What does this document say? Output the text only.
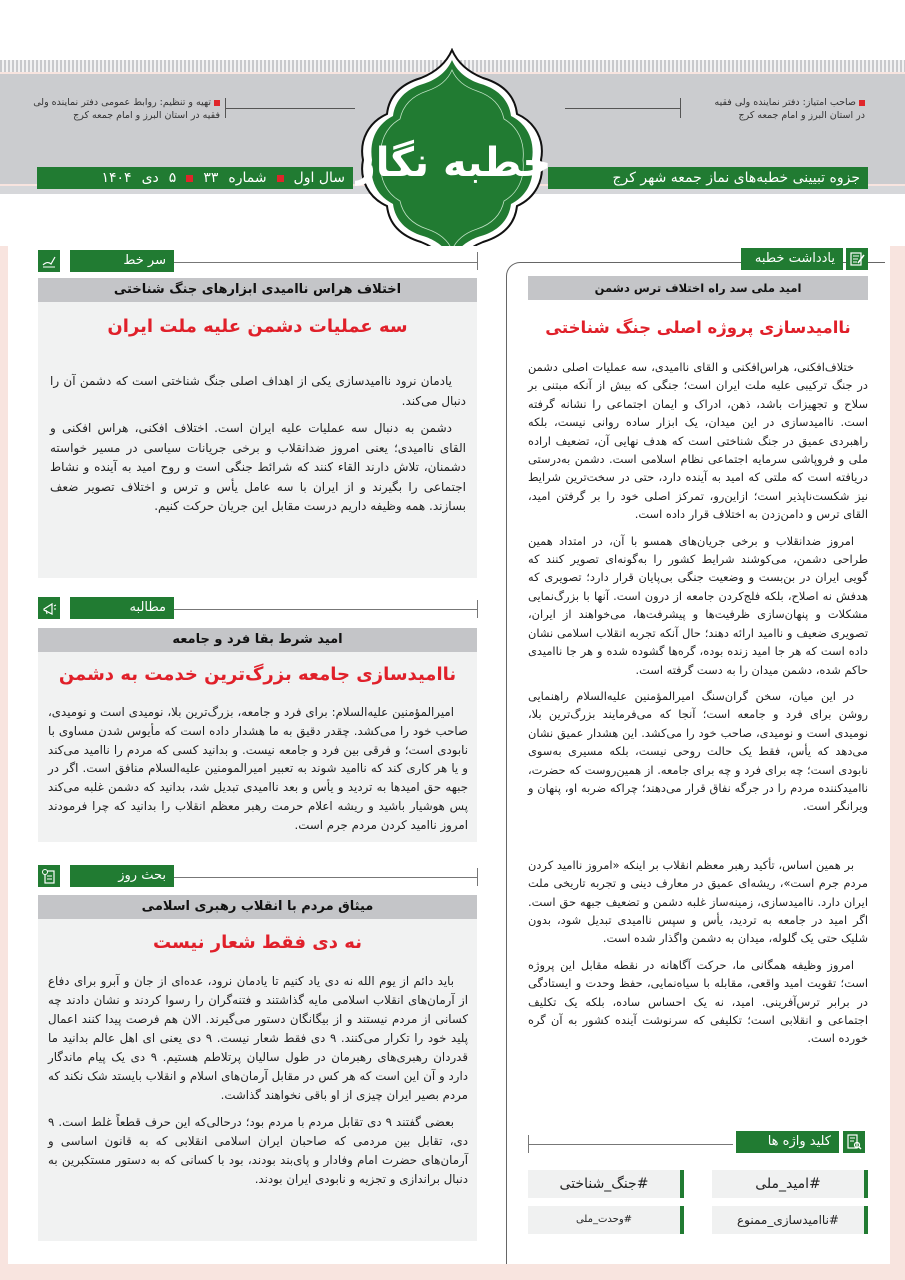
صاحب امتیاز: دفتر نماینده ولی فقیه در استان البرز و امام جمعه کرج
تهیه و تنظیم: روابط عمومی دفتر نماینده ولی فقیه در استان البرز و امام جمعه کرج
جزوه تبیینی خطبه‌های نماز جمعه شهر کرج
سال اول
شماره
۳۳
۵
دی
۱۴۰۴	خطبه نگار
یادداشت خطبه
امید ملی سد راه اختلاف ترس دشمن
ناامیدسازی پروژه اصلی جنگ شناختی

ختلاف‌افکنی، هراس‌افکنی و القای ناامیدی، سه عملیات اصلی دشمن در جنگ ترکیبی علیه ملت ایران است؛ جنگی که بیش از آنکه مبتنی بر سلاح و تجهیزات باشد، ذهن، ادراک و ایمان اجتماعی را نشانه گرفته است. ناامیدسازی در این میدان، یک ابزار ساده روانی نیست، بلکه راهبردی عمیق در جنگ شناختی است که هدف نهایی آن، تضعیف اراده ملی و فروپاشی سرمایه اجتماعی نظام اسلامی است. دشمن به‌درستی دریافته است که ملتی که امید به آینده دارد، حتی در سخت‌ترین شرایط نیز شکست‌ناپذیر است؛ ازاین‌رو، تمرکز اصلی خود را بر گرفتن امید، القای ترس و دامن‌زدن به اختلاف قرار داده است.

امروز ضدانقلاب و برخی جریان‌های همسو با آن، در امتداد همین طراحی دشمن، می‌کوشند شرایط کشور را به‌گونه‌ای تصویر کنند که گویی ایران در بن‌بست و وضعیت جنگی بی‌پایان قرار دارد؛ تصویری که هدفش نه اصلاح، بلکه فلج‌کردن جامعه از درون است. آنها با بزرگ‌نمایی مشکلات و پنهان‌سازی ظرفیت‌ها و پیشرفت‌ها، می‌خواهند از ایران، تصویری ضعیف و ناامید ارائه دهند؛ حال آنکه تجربه انقلاب اسلامی نشان داده است که هر جا امید زنده بوده، گره‌ها گشوده شده و هر جا ناامیدی حاکم شده، دشمن میدان را به دست گرفته است.

در این میان، سخن گران‌سنگ امیرالمؤمنین علیه‌السلام راهنمایی روشن برای فرد و جامعه است؛ آنجا که می‌فرمایند بزرگ‌ترین بلا، نومیدی است و نومیدی، صاحب خود را می‌کشد. این هشدار عمیق نشان می‌دهد که یأس، فقط یک حالت روحی نیست، بلکه مسیری به‌سوی نابودی است؛ چه برای فرد و چه برای جامعه. از همین‌روست که حضرت، ناامیدکننده مردم را در جرگه نفاق قرار می‌دهند؛ چراکه ضربه او، پنهان و ویرانگر است.

بر همین اساس، تأکید رهبر معظم انقلاب بر اینکه «امروز ناامید کردن مردم جرم است»، ریشه‌ای عمیق در معارف دینی و تجربه تاریخی ملت ایران دارد. ناامیدسازی، زمینه‌ساز غلبه دشمن و تضعیف جبهه حق است. اگر امید در جامعه به تردید، یأس و سپس ناامیدی تبدیل شود، بدون شلیک حتی یک گلوله، میدان به دشمن واگذار شده است.

امروز وظیفه همگانی ما، حرکت آگاهانه در نقطه مقابل این پروژه است؛ تقویت امید واقعی، مقابله با سیاه‌نمایی، حفظ وحدت و ایستادگی در برابر ترس‌آفرینی. امید، نه یک احساس ساده، بلکه یک تکلیف اجتماعی و انقلابی است؛ تکلیفی که سرنوشت آینده کشور به آن گره خورده است.

کلید واژه ها
#امید_ملی
#جنگ_شناختی
#ناامیدسازی_ممنوع
#وحدت_ملی
سر خط
اختلاف هراس ناامیدی ابزارهای جنگ شناختی
سه عملیات دشمن علیه ملت ایران

یادمان نرود ناامیدسازی یکی از اهداف اصلی جنگ شناختی است که دشمن آن را دنبال می‌کند.

دشمن به دنبال سه عملیات علیه ایران است. اختلاف افکنی، هراس افکنی و القای ناامیدی؛ یعنی امروز ضدانقلاب و برخی جریانات سیاسی در مسیر خواسته دشمنان، تلاش دارند القاء کنند که شرائط جنگی است و روح امید به آینده و نشاط اجتماعی را بگیرند و از ایران با سه عامل یأس و ترس و اختلاف تصویر ضعف بسازند. همه وظیفه داریم درست مقابل این جریان حرکت کنیم.

مطالبه
امید شرط بقا فرد و جامعه
ناامیدسازی جامعه بزرگ‌ترین خدمت به دشمن

امیرالمؤمنین علیه‌السلام: برای فرد و جامعه، بزرگ‌ترین بلا، نومیدی است و نومیدی، صاحب خود را می‌کشد. چقدر دقیق به ما هشدار داده است که مأیوس شدن مساوی با نابودی است؛ و فرقی بین فرد و جامعه نیست. و بدانید کسی که مردم را ناامید می‌کند و یا هر کاری کند که ناامید شوند به تعبیر امیرالمومنین علیه‌السلام منافق است. اگر در جبهه حق امیدها به تردید و یأس و بعد ناامیدی تبدیل شد، بدانید که دشمن غلبه می‌کند پس هوشیار باشید و ریشه اعلام حرمت رهبر معظم انقلاب را بدانید که چرا فرمودند امروز ناامید کردن مردم جرم است.

بحث روز
میثاق مردم با انقلاب رهبری اسلامی
نه دی فقط شعار نیست

باید دائم از یوم الله نه دی یاد کنیم تا یادمان نرود، عده‌ای از جان و آبرو برای دفاع از آرمان‌های انقلاب اسلامی مایه گذاشتند و فتنه‌گران را رسوا کردند و نشان دادند چه کسانی از مردم نیستند و از بیگانگان دستور می‌گیرند. الان هم فرصت پیدا کنند اعمال پلید خود را تکرار می‌کنند. ۹ دی فقط شعار نیست. ۹ دی یعنی ای اهل عالم بدانید ما قدردان رهبری‌های رهبرمان در طول سالیان پرتلاطم هستیم. ۹ دی یک پیام ماندگار دارد و آن این است که هر کس در مقابل آرمان‌های اسلام و انقلاب بایستد شک نکند که مردم بصیر ایران چیزی از او باقی نخواهند گذاشت.

بعضی گفتند ۹ دی تقابل مردم با مردم بود؛ درحالی‌که این حرف قطعاً غلط است. ۹ دی، تقابل بین مردمی که صاحبان ایران اسلامی انقلابی که به قانون اساسی و آرمان‌های حضرت امام وفادار و پای‌بند بودند، بود با کسانی که به دستور مستکبرین به دنبال براندازی و تجزیه و نابودی ایران بودند.
